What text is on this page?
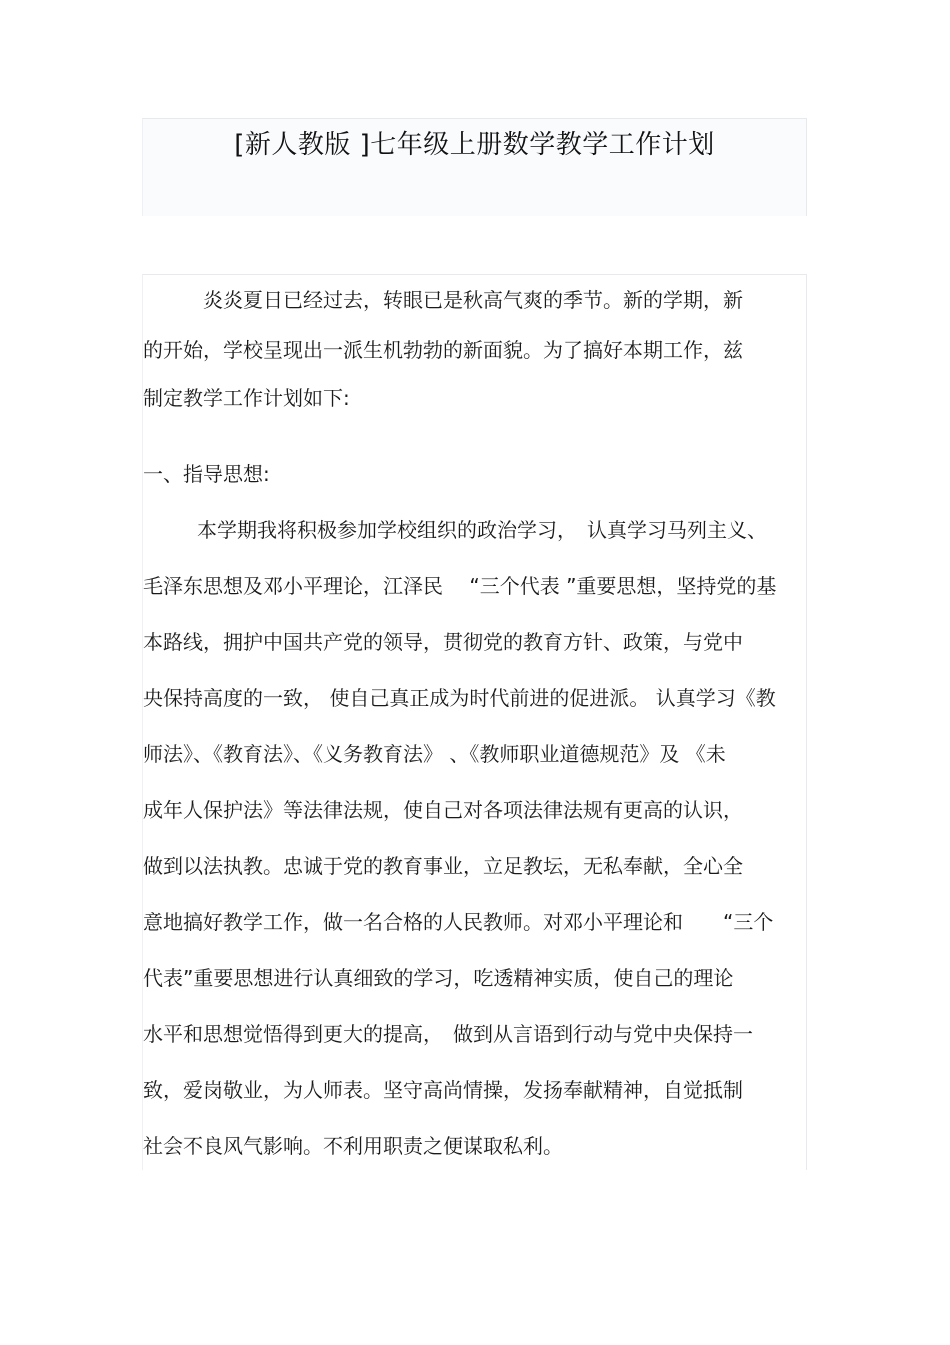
[新人教版 ]七年级上册数学教学工作计划
炎炎夏日已经过去，转眼已是秋高气爽的季节。新的学期，新
的开始，学校呈现出一派生机勃勃的新面貌。为了搞好本期工作，兹
制定教学工作计划如下:
一、指导思想:
本学期我将积极参加学校组织的政治学习，　认真学习马列主义、
毛泽东思想及邓小平理论，江泽民　 “三个代表 ”重要思想，坚持党的基
本路线，拥护中国共产党的领导，贯彻党的教育方针、政策，与党中
央保持高度的一致， 使自己真正成为时代前进的促进派。 认真学习《教
师法》、《教育法》、《义务教育法》 、《教师职业道德规范》及 《未
成年人保护法》等法律法规，使自己对各项法律法规有更高的认识，
做到以法执教。忠诚于党的教育事业，立足教坛，无私奉献，全心全
意地搞好教学工作，做一名合格的人民教师。对邓小平理论和　　“三个
代表”重要思想进行认真细致的学习，吃透精神实质，使自己的理论
水平和思想觉悟得到更大的提高，　做到从言语到行动与党中央保持一
致，爱岗敬业，为人师表。坚守高尚情操，发扬奉献精神，自觉抵制
社会不良风气影响。不利用职责之便谋取私利。
